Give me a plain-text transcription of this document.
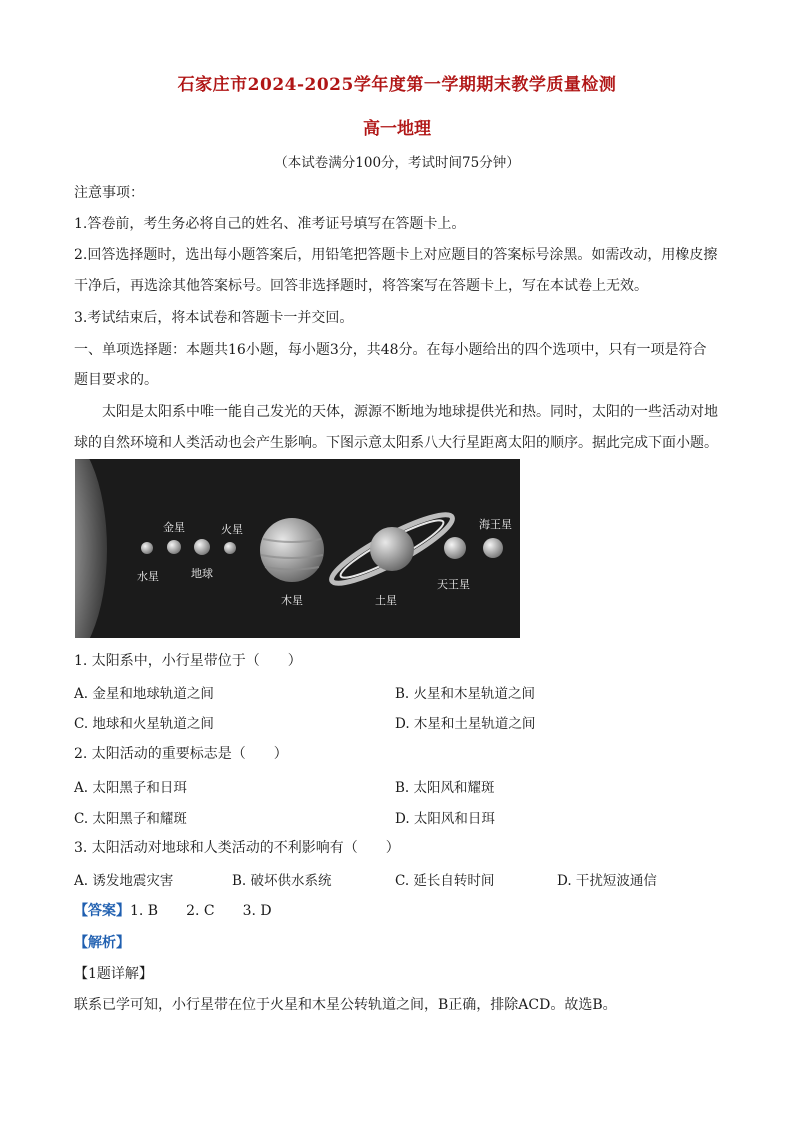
石家庄市2024-2025学年度第一学期期末教学质量检测
高一地理
（本试卷满分100分，考试时间75分钟）
注意事项：
1.答卷前，考生务必将自己的姓名、准考证号填写在答题卡上。
2.回答选择题时，选出每小题答案后，用铅笔把答题卡上对应题目的答案标号涂黑。如需改动，用橡皮擦
干净后，再选涂其他答案标号。回答非选择题时，将答案写在答题卡上，写在本试卷上无效。
3.考试结束后，将本试卷和答题卡一并交回。
一、单项选择题：本题共16小题，每小题3分，共48分。在每小题给出的四个选项中，只有一项是符合
题目要求的。
太阳是太阳系中唯一能自己发光的天体，源源不断地为地球提供光和热。同时，太阳的一些活动对地
球的自然环境和人类活动也会产生影响。下图示意太阳系八大行星距离太阳的顺序。据此完成下面小题。
水星
金星
地球
火星
木星	土星
天王星
海王星
1. 太阳系中，小行星带位于（　　）
A. 金星和地球轨道之间	B. 火星和木星轨道之间
C. 地球和火星轨道之间	D. 木星和土星轨道之间
2. 太阳活动的重要标志是（　　）
A. 太阳黑子和日珥	B. 太阳风和耀斑
C. 太阳黑子和耀斑	D. 太阳风和日珥
3. 太阳活动对地球和人类活动的不利影响有（　　）
A. 诱发地震灾害	B. 破坏供水系统	C. 延长自转时间	D. 干扰短波通信
【答案】1. B　　2. C　　3. D
【解析】
【1题详解】
联系已学可知，小行星带在位于火星和木星公转轨道之间，B正确，排除ACD。故选B。
